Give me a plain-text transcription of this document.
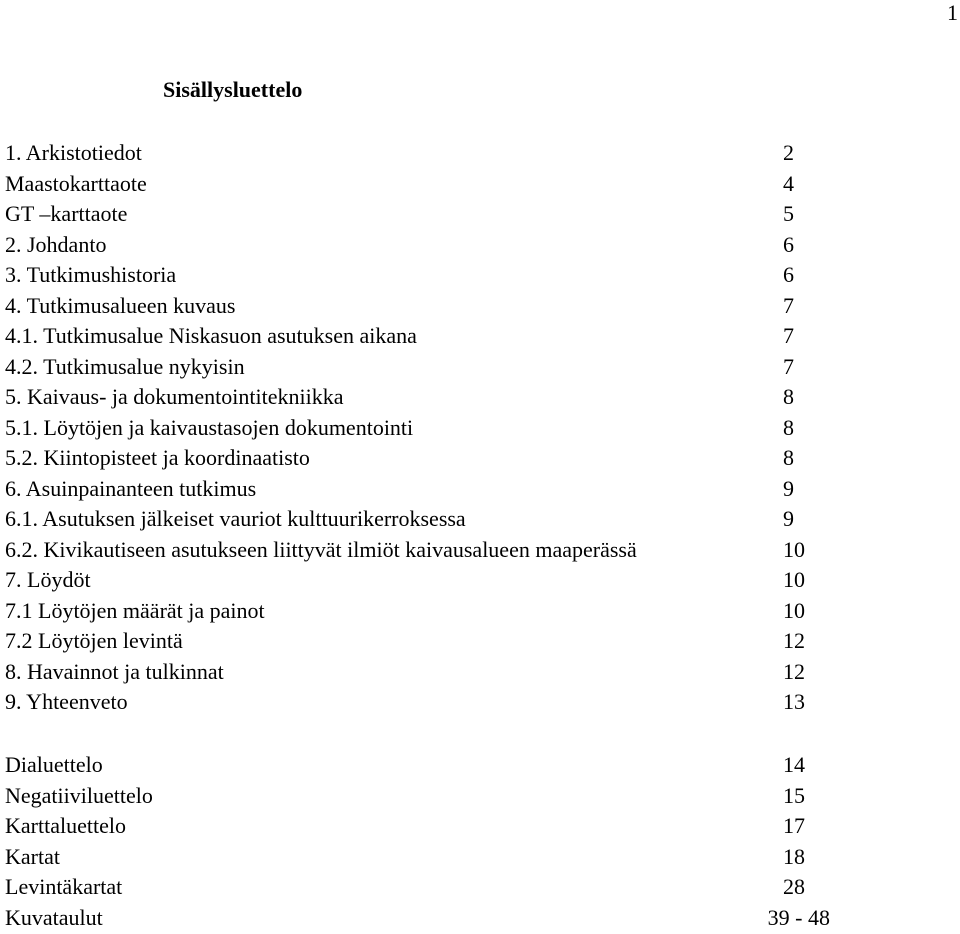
1
Sisällysluettelo
1. Arkistotiedot	2
Maastokarttaote	4
GT –karttaote	5
2. Johdanto	6
3. Tutkimushistoria	6
4. Tutkimusalueen kuvaus	7
4.1. Tutkimusalue Niskasuon asutuksen aikana	7
4.2. Tutkimusalue nykyisin	7
5. Kaivaus- ja dokumentointitekniikka	8
5.1. Löytöjen ja kaivaustasojen dokumentointi	8
5.2. Kiintopisteet ja koordinaatisto	8
6. Asuinpainanteen tutkimus	9
6.1. Asutuksen jälkeiset vauriot kulttuurikerroksessa	9
6.2. Kivikautiseen asutukseen liittyvät ilmiöt kaivausalueen maaperässä	10
7. Löydöt	10
7.1 Löytöjen määrät ja painot	10
7.2 Löytöjen levintä	12
8. Havainnot ja tulkinnat	12
9. Yhteenveto	13
Dialuettelo	14
Negatiiviluettelo	15
Karttaluettelo	17
Kartat	18
Levintäkartat	28
Kuvataulut	39 - 48
